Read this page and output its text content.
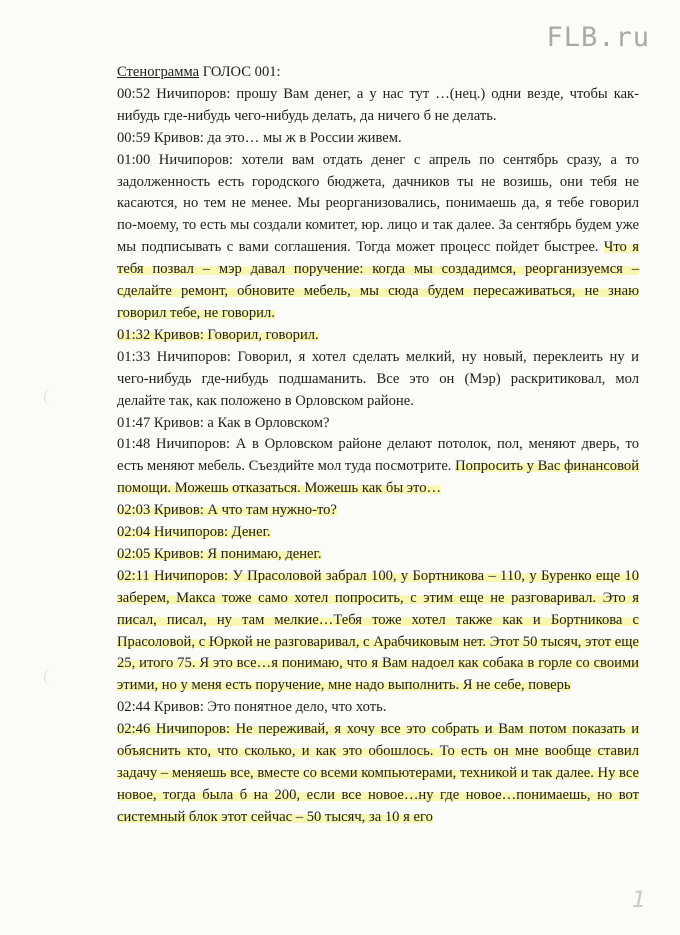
FLB.ru
Стенограмма ГОЛОС 001:
00:52 Ничипоров: прошу Вам денег, а у нас тут …(нец.) одни везде, чтобы как-нибудь где-нибудь чего-нибудь делать, да ничего б не делать.
00:59 Кривов: да это… мы ж в России живем.
01:00 Ничипоров: хотели вам отдать денег с апрель по сентябрь сразу, а то задолженность есть городского бюджета, дачников ты не возишь, они тебя не касаются, но тем не менее. Мы реорганизовались, понимаешь да, я тебе говорил по-моему, то есть мы создали комитет, юр. лицо и так далее. За сентябрь будем уже мы подписывать с вами соглашения. Тогда может процесс пойдет быстрее. Что я тебя позвал – мэр давал поручение: когда мы создадимся, реорганизуемся – сделайте ремонт, обновите мебель, мы сюда будем пересаживаться, не знаю говорил тебе, не говорил.
01:32 Кривов: Говорил, говорил.
01:33 Ничипоров: Говорил, я хотел сделать мелкий, ну новый, переклеить ну и чего-нибудь где-нибудь подшаманить. Все это он (Мэр) раскритиковал, мол делайте так, как положено в Орловском районе.
01:47 Кривов: а Как в Орловском?
01:48 Ничипоров: А в Орловском районе делают потолок, пол, меняют дверь, то есть меняют мебель. Съездийте мол туда посмотрите. Попросить у Вас финансовой помощи. Можешь отказаться. Можешь как бы это…
02:03 Кривов: А что там нужно-то?
02:04 Ничипоров: Денег.
02:05 Кривов: Я понимаю, денег.
02:11 Ничипоров: У Прасоловой забрал 100, у Бортникова – 110, у Буренко еще 10 заберем, Макса тоже само хотел попросить, с этим еще не разговаривал. Это я писал, писал, ну там мелкие…Тебя тоже хотел также как и Бортникова с Прасоловой, с Юркой не разговаривал, с Арабчиковым нет. Этот 50 тысяч, этот еще 25, итого 75. Я это все…я понимаю, что я Вам надоел как собака в горле со своими этими, но у меня есть поручение, мне надо выполнить. Я не себе, поверь
02:44 Кривов: Это понятное дело, что хоть.
02:46 Ничипоров: Не переживай, я хочу все это собрать и Вам потом показать и объяснить кто, что сколько, и как это обошлось. То есть он мне вообще ставил задачу – меняешь все, вместе со всеми компьютерами, техникой и так далее. Ну все новое, тогда была б на 200, если все новое…ну где новое…понимаешь, но вот системный блок этот сейчас – 50 тысяч, за 10 я его
1
